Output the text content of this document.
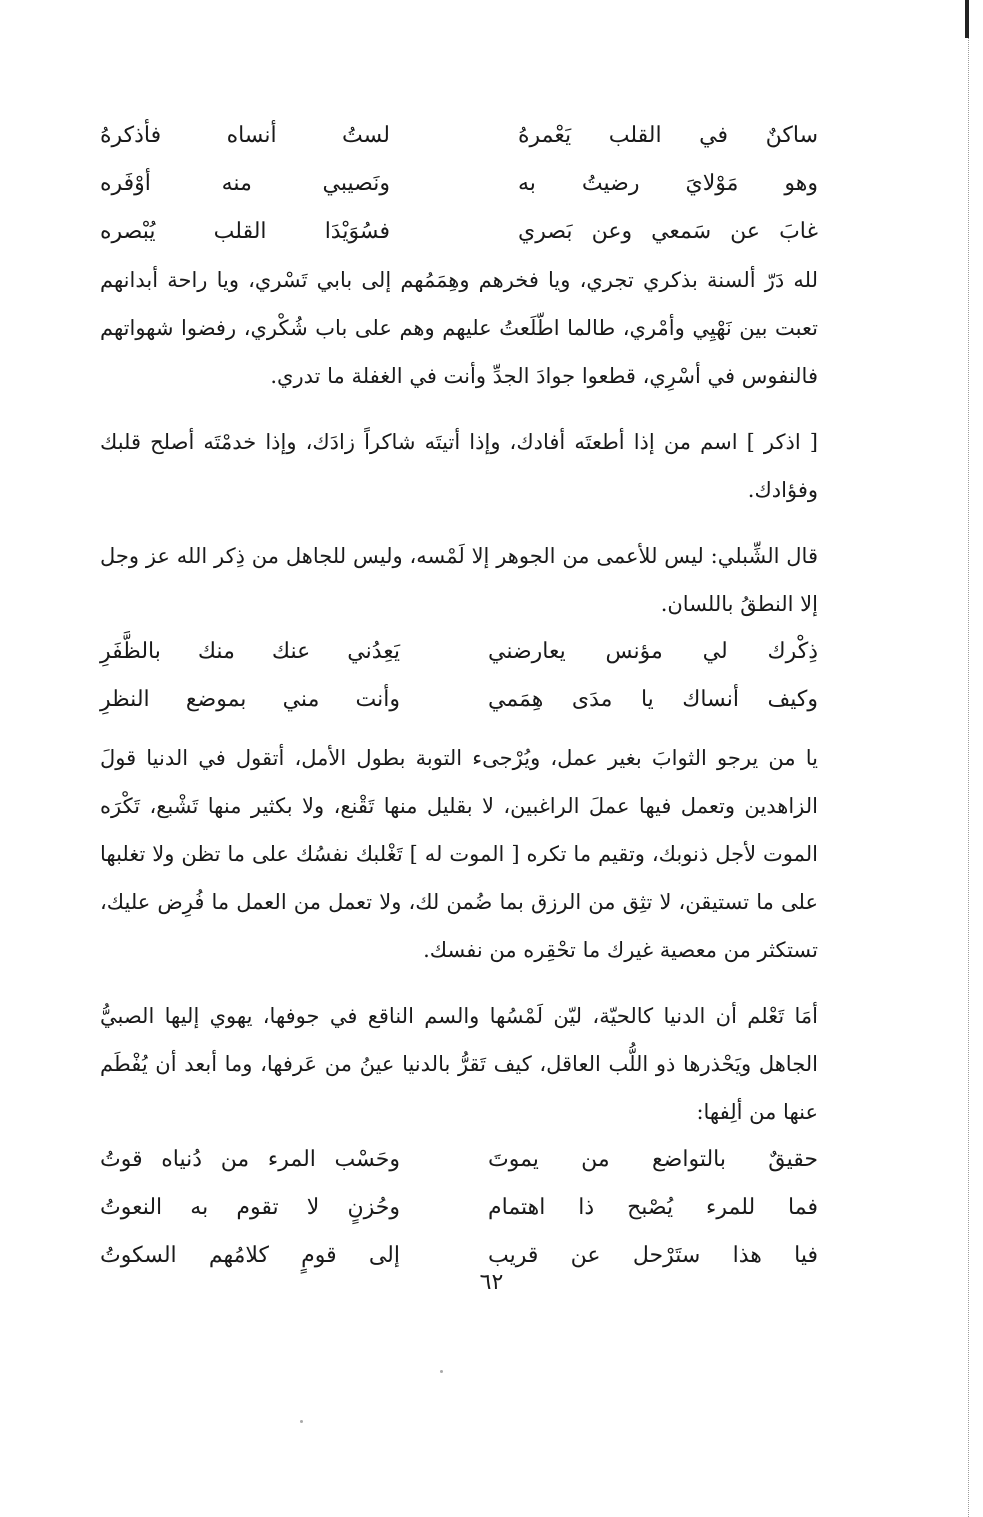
ساكنٌ في القلب يَعْمرهُ
لستُ أنساه فأذكرهُ
وهو مَوْلايَ رضيتُ به
ونَصيبي منه أوْفَره
غابَ عن سَمعي وعن بَصري
فسُوَيْدَا القلب يُبْصره

لله دَرّ ألسنة بذكري تجري، ويا فخرهم وهِمَمُهم إلى بابي تَسْري، ويا راحة أبدانهم تعبت بين نَهْيِي وأمْري، طالما اطّلَعتُ عليهم وهم على باب شُكْري، رفضوا شهواتهم فالنفوس في أسْرِي، قطعوا جوادَ الجدِّ وأنت في الغفلة ما تدري.

[ اذكر ] اسم من إذا أطعتَه أفادك، وإذا أتيتَه شاكراً زادَك، وإذا خدمْتَه أصلح قلبك وفؤادك.

قال الشِّبلي: ليس للأعمى من الجوهر إلا لَمْسه، وليس للجاهل من ذِكر الله عز وجل إلا النطقُ باللسان.

ذِكْرك لي مؤنس يعارضني
يَعِدُني عنك منك بالظَّفَرِ
وكيف أنساك يا مدَى هِمَمي
وأنت مني بموضع النظرِ

يا من يرجو الثوابَ بغير عمل، ويُرْجىء التوبة بطول الأمل، أتقول في الدنيا قولَ الزاهدين وتعمل فيها عملَ الراغبين، لا بقليل منها تَقْنع، ولا بكثير منها تَشْبع، تَكْرَه الموت لأجل ذنوبك، وتقيم ما تكره [ الموت له ] تَغْلبك نفسُك على ما تظن ولا تغلبها على ما تستيقن، لا تثِق من الرزق بما ضُمن لك، ولا تعمل من العمل ما فُرِض عليك، تستكثر من معصية غيرك ما تحْقِره من نفسك.

أمَا تَعْلم أن الدنيا كالحيّة، ليّن لَمْسُها والسم الناقع في جوفها، يهوي إليها الصبيُّ الجاهل ويَحْذرها ذو اللُّب العاقل، كيف تَقرُّ بالدنيا عينُ من عَرفها، وما أبعد أن يُفْطَم عنها من ألِفها:

حقيقٌ بالتواضع من يموتَ
وحَسْب المرء من دُنياه قوتُ
فما للمرء يُصْبح ذا اهتمام
وحُزنٍ لا تقوم به النعوتُ
فيا هذا ستَرْحل عن قريب
إلى قومٍ كلامُهم السكوتُ
٦٢
